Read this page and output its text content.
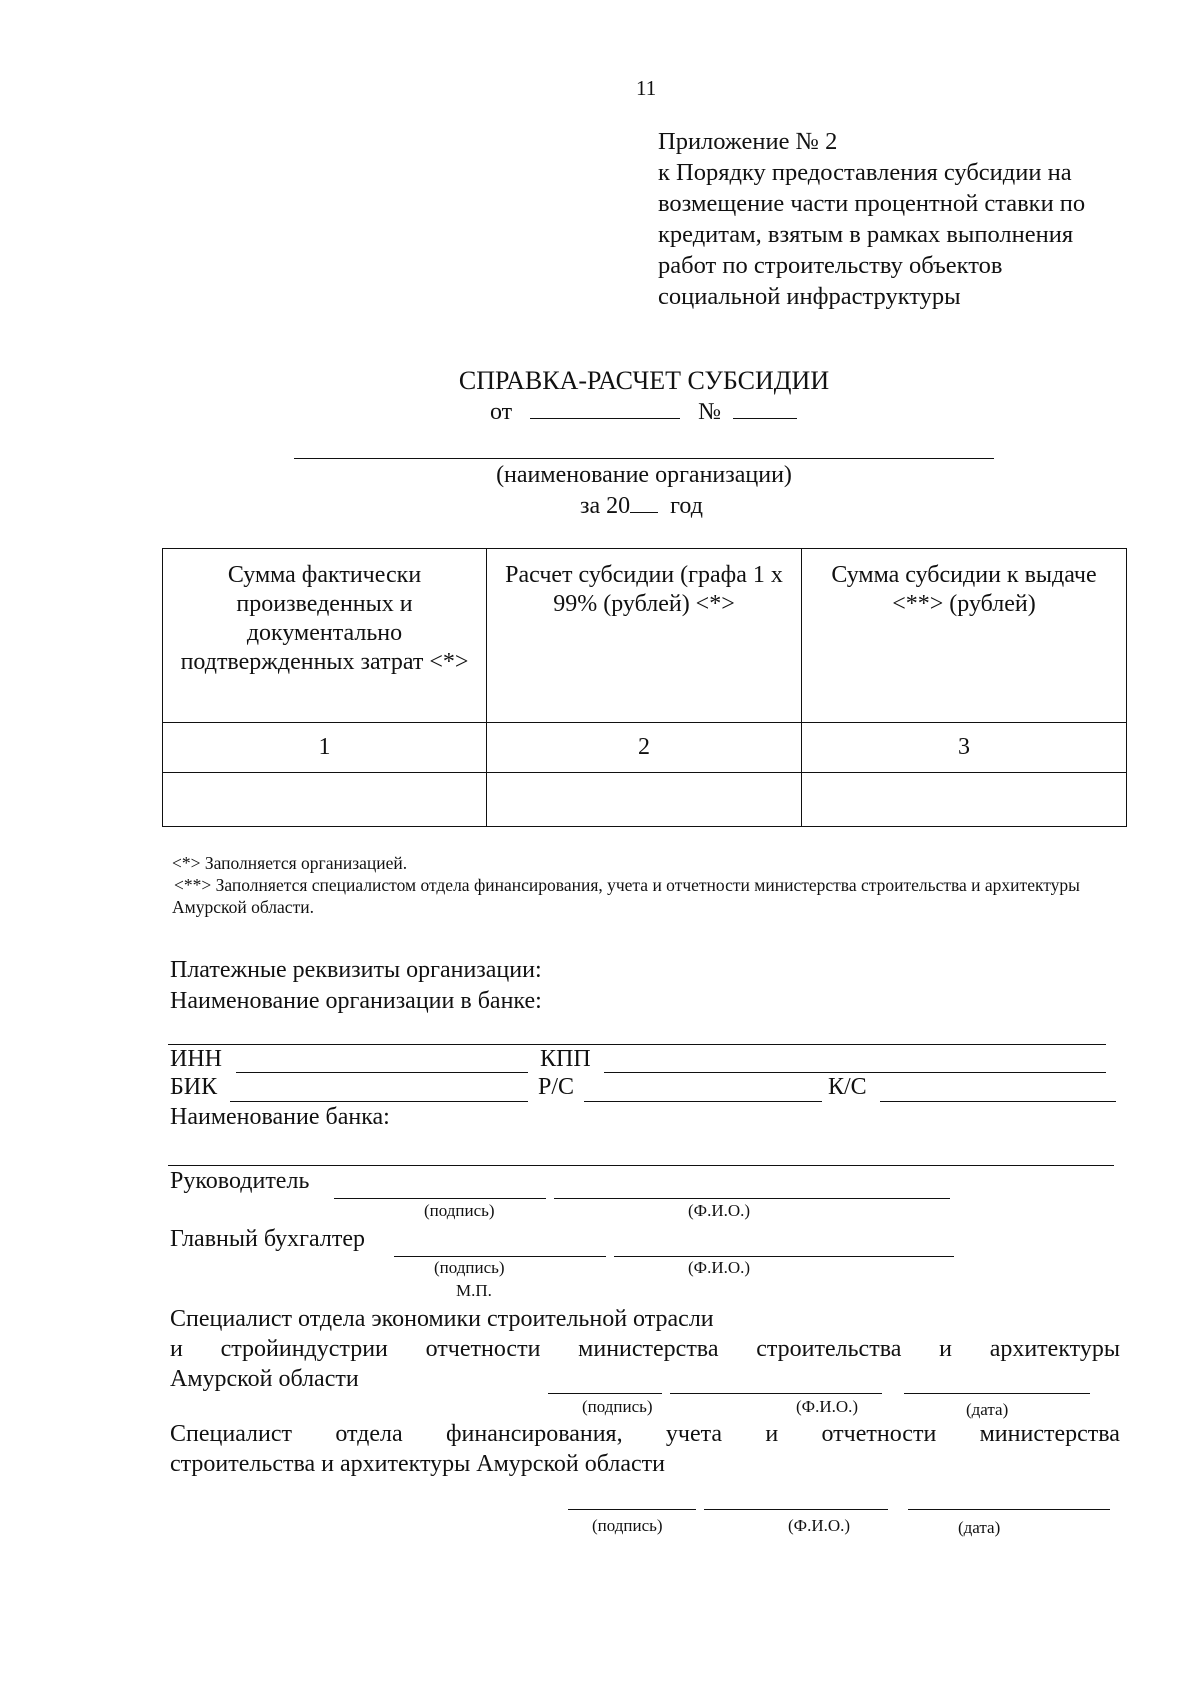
11
Приложение № 2
к Порядку предоставления субсидии на
возмещение части процентной ставки по
кредитам, взятым в рамках выполнения
работ по строительству объектов
социальной инфраструктуры
СПРАВКА-РАСЧЕТ СУБСИДИИ
от	№
(наименование организации)
за 20 год
Сумма фактически произведенных и документально подтвержденных затрат <*>	Расчет субсидии (графа 1 x 99% (рублей) <*>	Сумма субсидии к выдаче <**> (рублей)
1	2	3

<*> Заполняется организацией.
<**> Заполняется специалистом отдела финансирования, учета и отчетности министерства строительства и архитектуры Амурской области.
Платежные реквизиты организации:
Наименование организации в банке:
ИНН	КПП
БИК	Р/С	К/С
Наименование банка:
Руководитель
(подпись)	(Ф.И.О.)
Главный бухгалтер
(подпись)	(Ф.И.О.)
М.П.
Специалист отдела экономики строительной отрасли
и стройиндустрии отчетности министерства строительства и архитектуры
Амурской области
(подпись)	(Ф.И.О.)	(дата)
Специалист отдела финансирования, учета и отчетности министерства
строительства и архитектуры Амурской области
(подпись)	(Ф.И.О.)	(дата)
